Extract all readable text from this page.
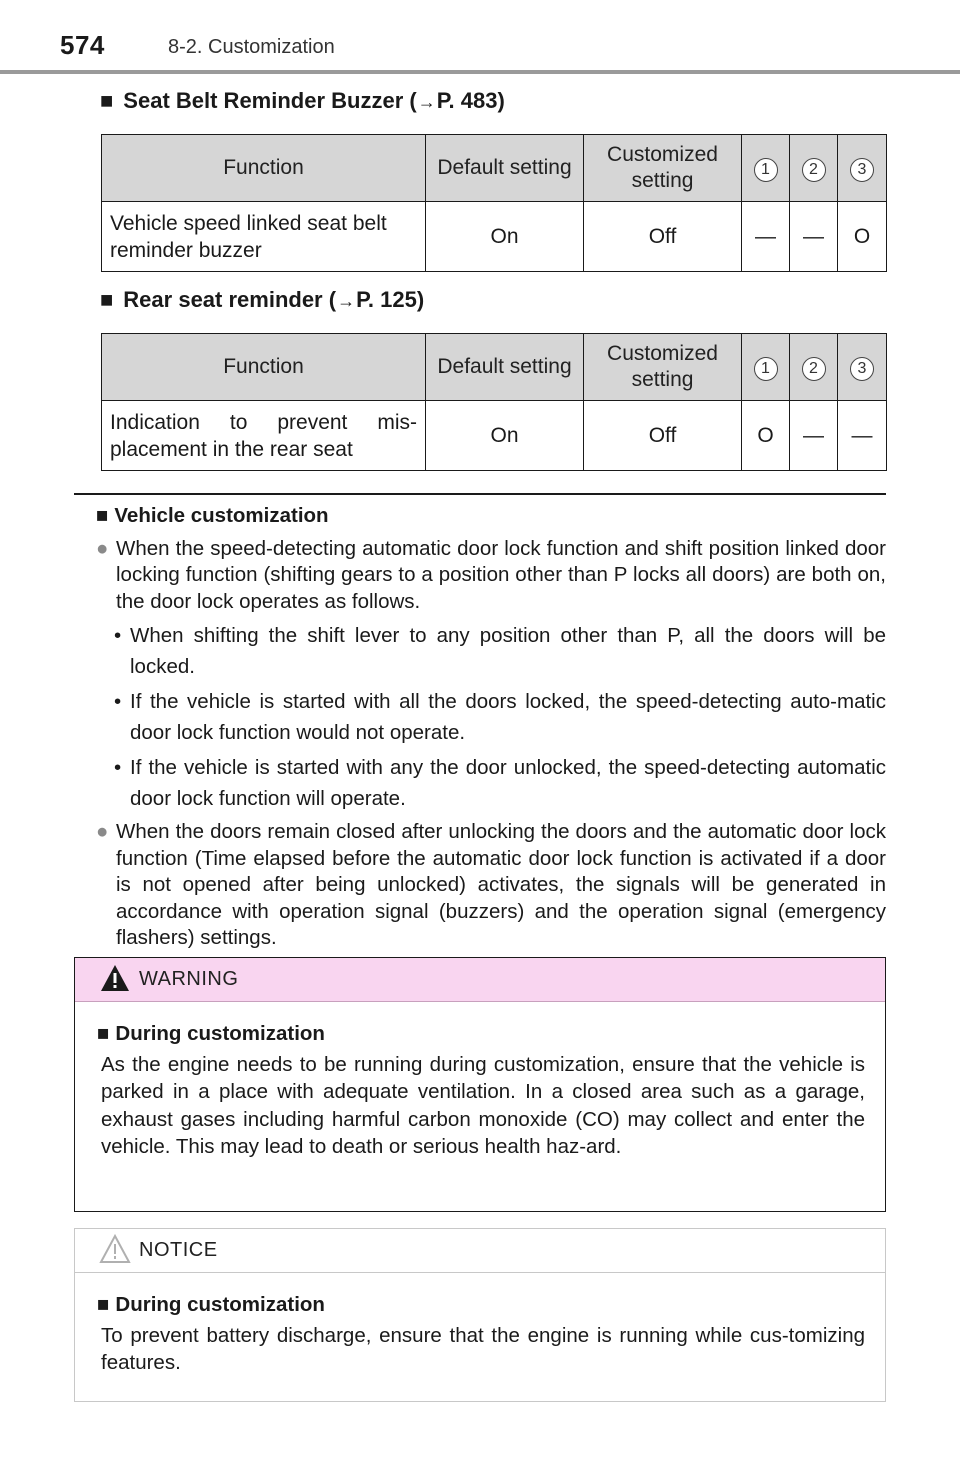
574	8-2. Customization
■ Seat Belt Reminder Buzzer (→P. 483)
Function	Default setting	Customized setting	1	2	3
Vehicle speed linked seat belt reminder buzzer	On	Off	—	—	O
■ Rear seat reminder (→P. 125)
Function	Default setting	Customized setting	1	2	3
Indication to prevent mis-placement in the rear seat	On	Off	O	—	—
■ Vehicle customization
● When the speed-detecting automatic door lock function and shift position linked door locking function (shifting gears to a position other than P locks all doors) are both on, the door lock operates as follows.
• When shifting the shift lever to any position other than P, all the doors will be locked.
• If the vehicle is started with all the doors locked, the speed-detecting auto-matic door lock function would not operate.
• If the vehicle is started with any the door unlocked, the speed-detecting automatic door lock function will operate.
● When the doors remain closed after unlocking the doors and the automatic door lock function (Time elapsed before the automatic door lock function is activated if a door is not opened after being unlocked) activates, the signals will be generated in accordance with operation signal (buzzers) and the operation signal (emergency flashers) settings.
WARNING
■ During customization
As the engine needs to be running during customization, ensure that the vehicle is parked in a place with adequate ventilation. In a closed area such as a garage, exhaust gases including harmful carbon monoxide (CO) may collect and enter the vehicle. This may lead to death or serious health haz-ard.
NOTICE
■ During customization
To prevent battery discharge, ensure that the engine is running while cus-tomizing features.
